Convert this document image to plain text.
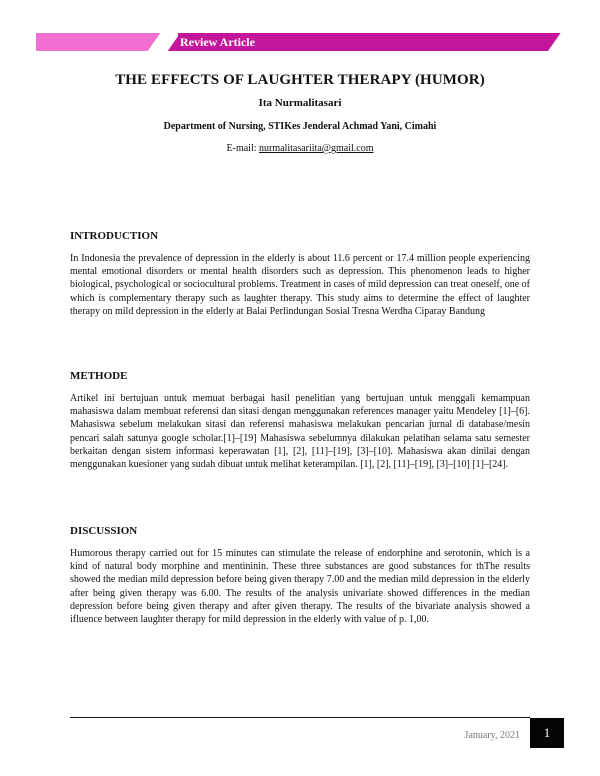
Review Article
THE EFFECTS OF LAUGHTER THERAPY (HUMOR)
Ita Nurmalitasari
Department of Nursing, STIKes Jenderal Achmad Yani, Cimahi
E-mail: nurmalitasariita@gmail.com
INTRODUCTION

In Indonesia the prevalence of depression in the elderly is about 11.6 percent or 17.4 million people experiencing mental emotional disorders or mental health disorders such as depression. This phenomenon leads to higher biological, psychological or sociocultural problems. Treatment in cases of mild depression can treat oneself, one of which is complementary therapy such as laughter therapy. This study aims to determine the effect of laughter therapy on mild depression in the elderly at Balai Perlindungan Sosial Tresna Werdha Ciparay Bandung

METHODE

Artikel ini bertujuan untuk memuat berbagai hasil penelitian yang bertujuan untuk menggali kemampuan mahasiswa dalam membuat referensi dan sitasi dengan menggunakan references manager yaitu Mendeley [1]–[6]. Mahasiswa sebelum melakukan sitasi dan referensi mahasiswa melakukan pencarian jurnal di database/mesin pencari salah satunya google scholar.[1]–[19] Mahasiswa sebelumnya dilakukan pelatihan selama satu semester berkaitan dengan sistem informasi keperawatan [1], [2], [11]–[19], [3]–[10]. Mahasiswa akan dinilai dengan menggunakan kuesioner yang sudah dibuat untuk melihat keterampilan. [1], [2], [11]–[19], [3]–[10] [1]–[24].

DISCUSSION

Humorous therapy carried out for 15 minutes can stimulate the release of endorphine and serotonin, which is a kind of natural body morphine and mentininin. These three substances are good substances for thThe results showed the median mild depression before being given therapy 7.00 and the median mild depression in the elderly after being given therapy was 6.00. The results of the analysis univariate showed differences in the median depression before being given therapy and after given therapy. The results of the bivariate analysis showed a ifluence between laughter therapy for mild depression in the elderly with value of p. 1,00.

January, 2021	1
